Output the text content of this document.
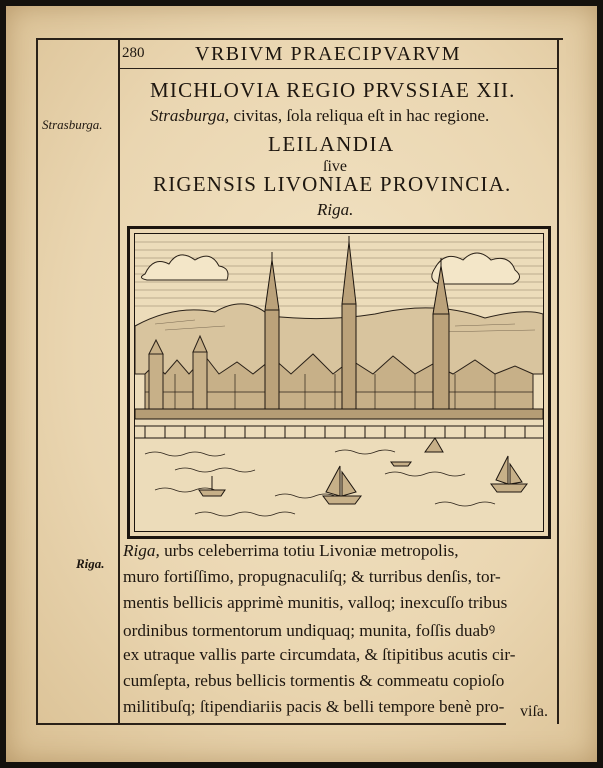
280	VRBIVM PRAECIPVARVM
MICHLOVIA REGIO PRVSSIAE XII.
Strasburga, civitas, ſola reliqua eſt in hac regione.
LEILANDIA
ſive
RIGENSIS LIVONIAE PROVINCIA.
Riga.
Strasburga.
Riga.
Riga, urbs celeberrima totiu Livoniæ metropolis,
muro fortiſſimo, propugnaculiſq; & turribus denſis, tor-
mentis bellicis apprimè munitis, valloq; inexcuſſo tribus
ordinibus tormentorum undiquaq; munita, foſſis duabꝰ
ex utraque vallis parte circumdata, & ſtipitibus acutis cir-
cumſepta, rebus bellicis tormentis & commeatu copioſo
militibuſq; ſtipendiariis pacis & belli tempore benè pro- viſa.
